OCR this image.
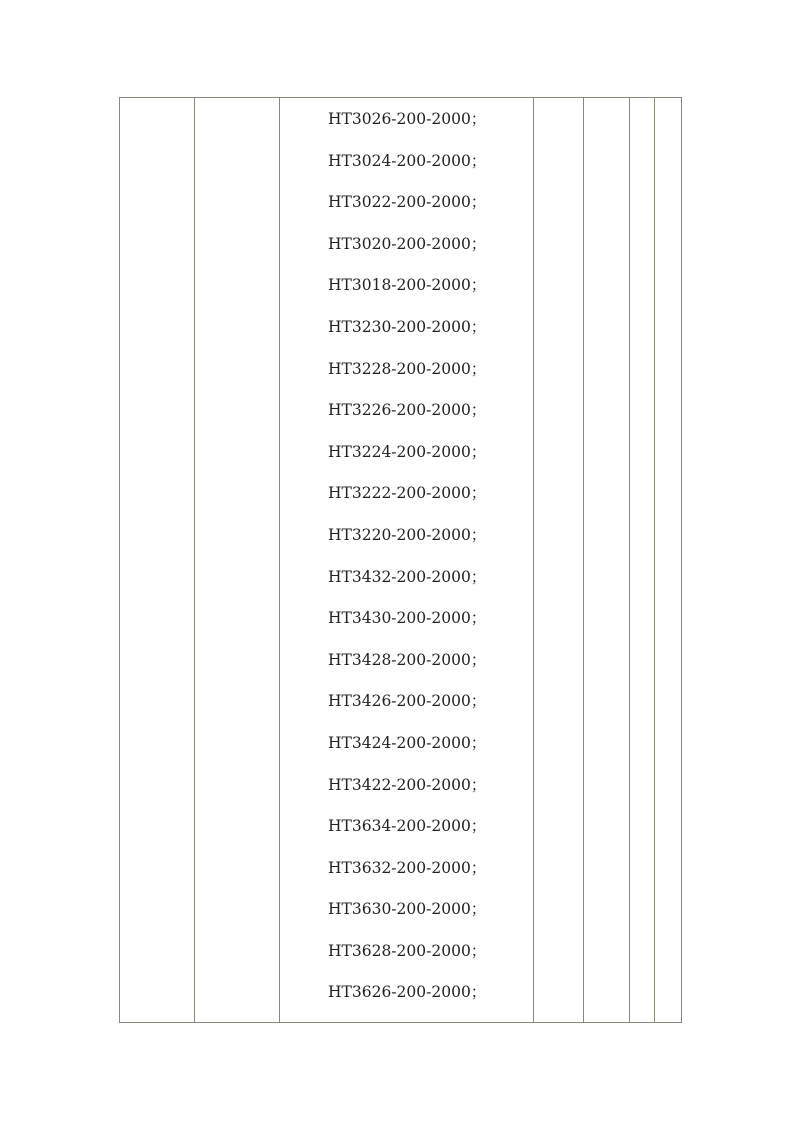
HT3026-200-2000；
HT3024-200-2000；
HT3022-200-2000；
HT3020-200-2000；
HT3018-200-2000；
HT3230-200-2000；
HT3228-200-2000；
HT3226-200-2000；
HT3224-200-2000；
HT3222-200-2000；
HT3220-200-2000；
HT3432-200-2000；
HT3430-200-2000；
HT3428-200-2000；
HT3426-200-2000；
HT3424-200-2000；
HT3422-200-2000；
HT3634-200-2000；
HT3632-200-2000；
HT3630-200-2000；
HT3628-200-2000；
HT3626-200-2000；
